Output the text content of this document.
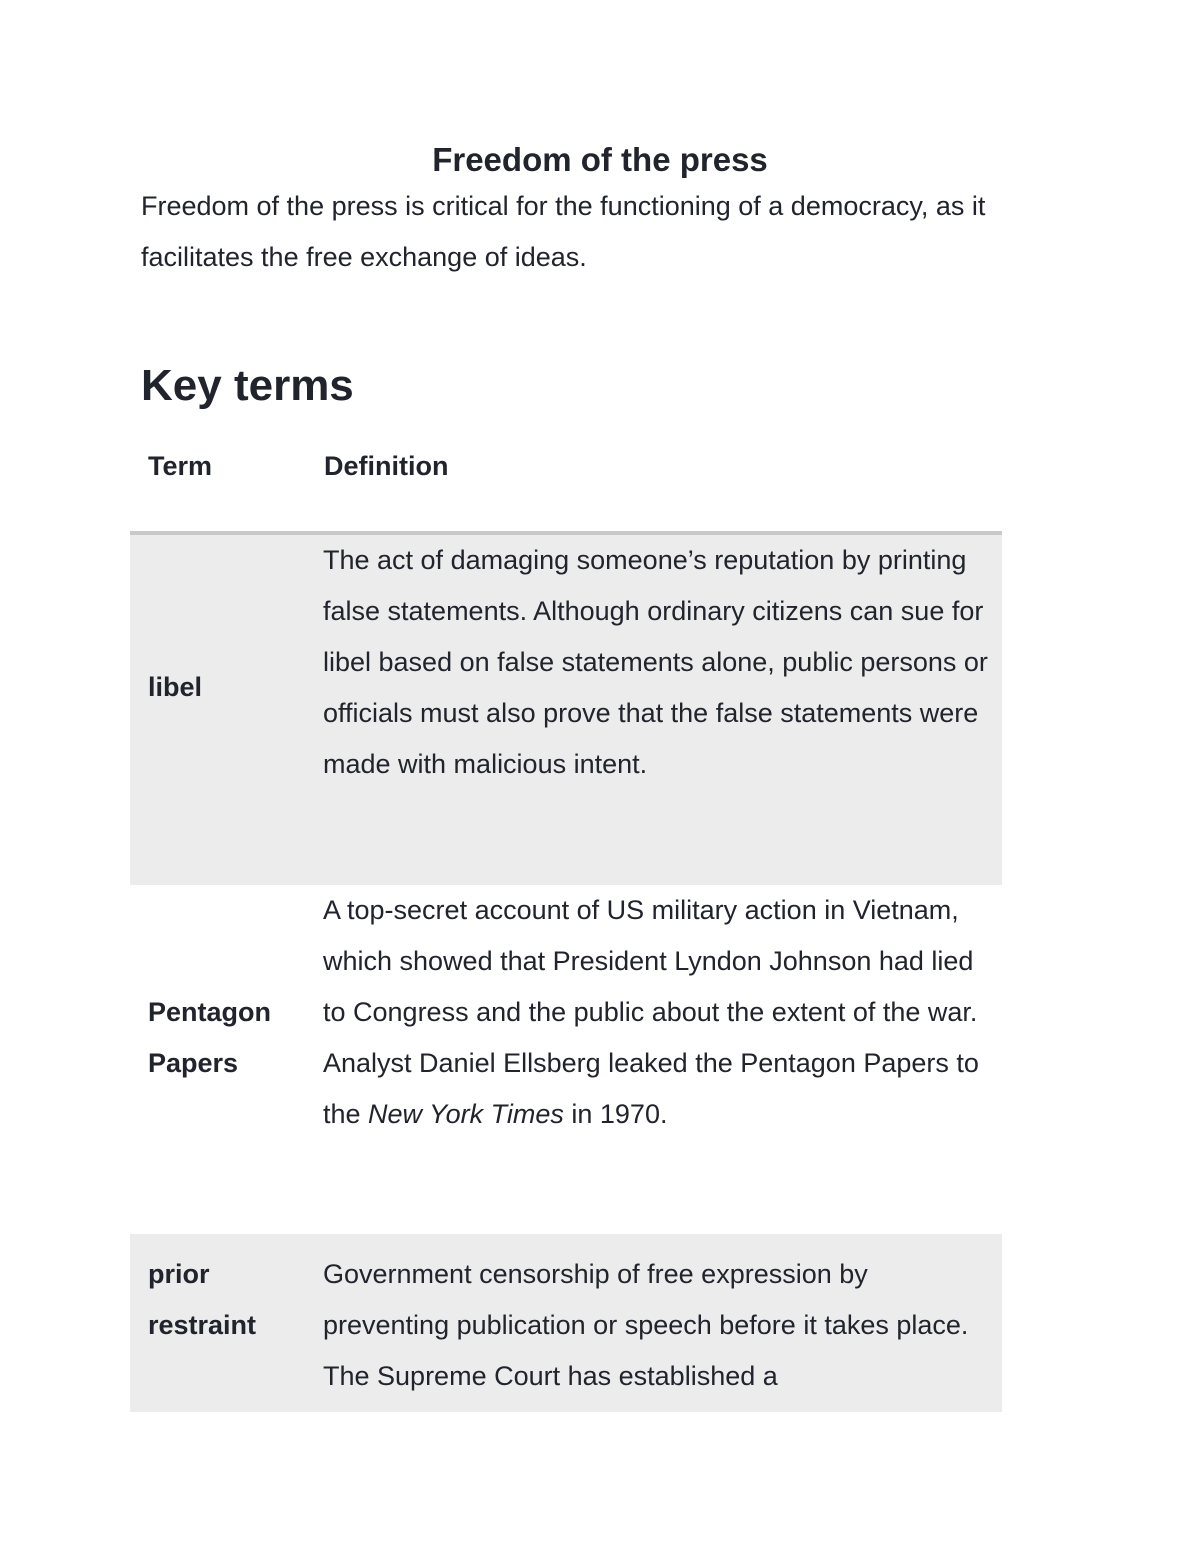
Freedom of the press

Freedom of the press is critical for the functioning of a democracy, as it facilitates the free exchange of ideas.

Key terms
Term	Definition
libel
The act of damaging someone’s reputation by printing false statements. Although ordinary citizens can sue for libel based on false statements alone, public persons or officials must also prove that the false statements were made with malicious intent.
Pentagon Papers
A top-secret account of US military action in Vietnam, which showed that President Lyndon Johnson had lied to Congress and the public about the extent of the war. Analyst Daniel Ellsberg leaked the Pentagon Papers to the New York Times in 1970.
prior restraint
Government censorship of free expression by preventing publication or speech before it takes place. The Supreme Court has established a
